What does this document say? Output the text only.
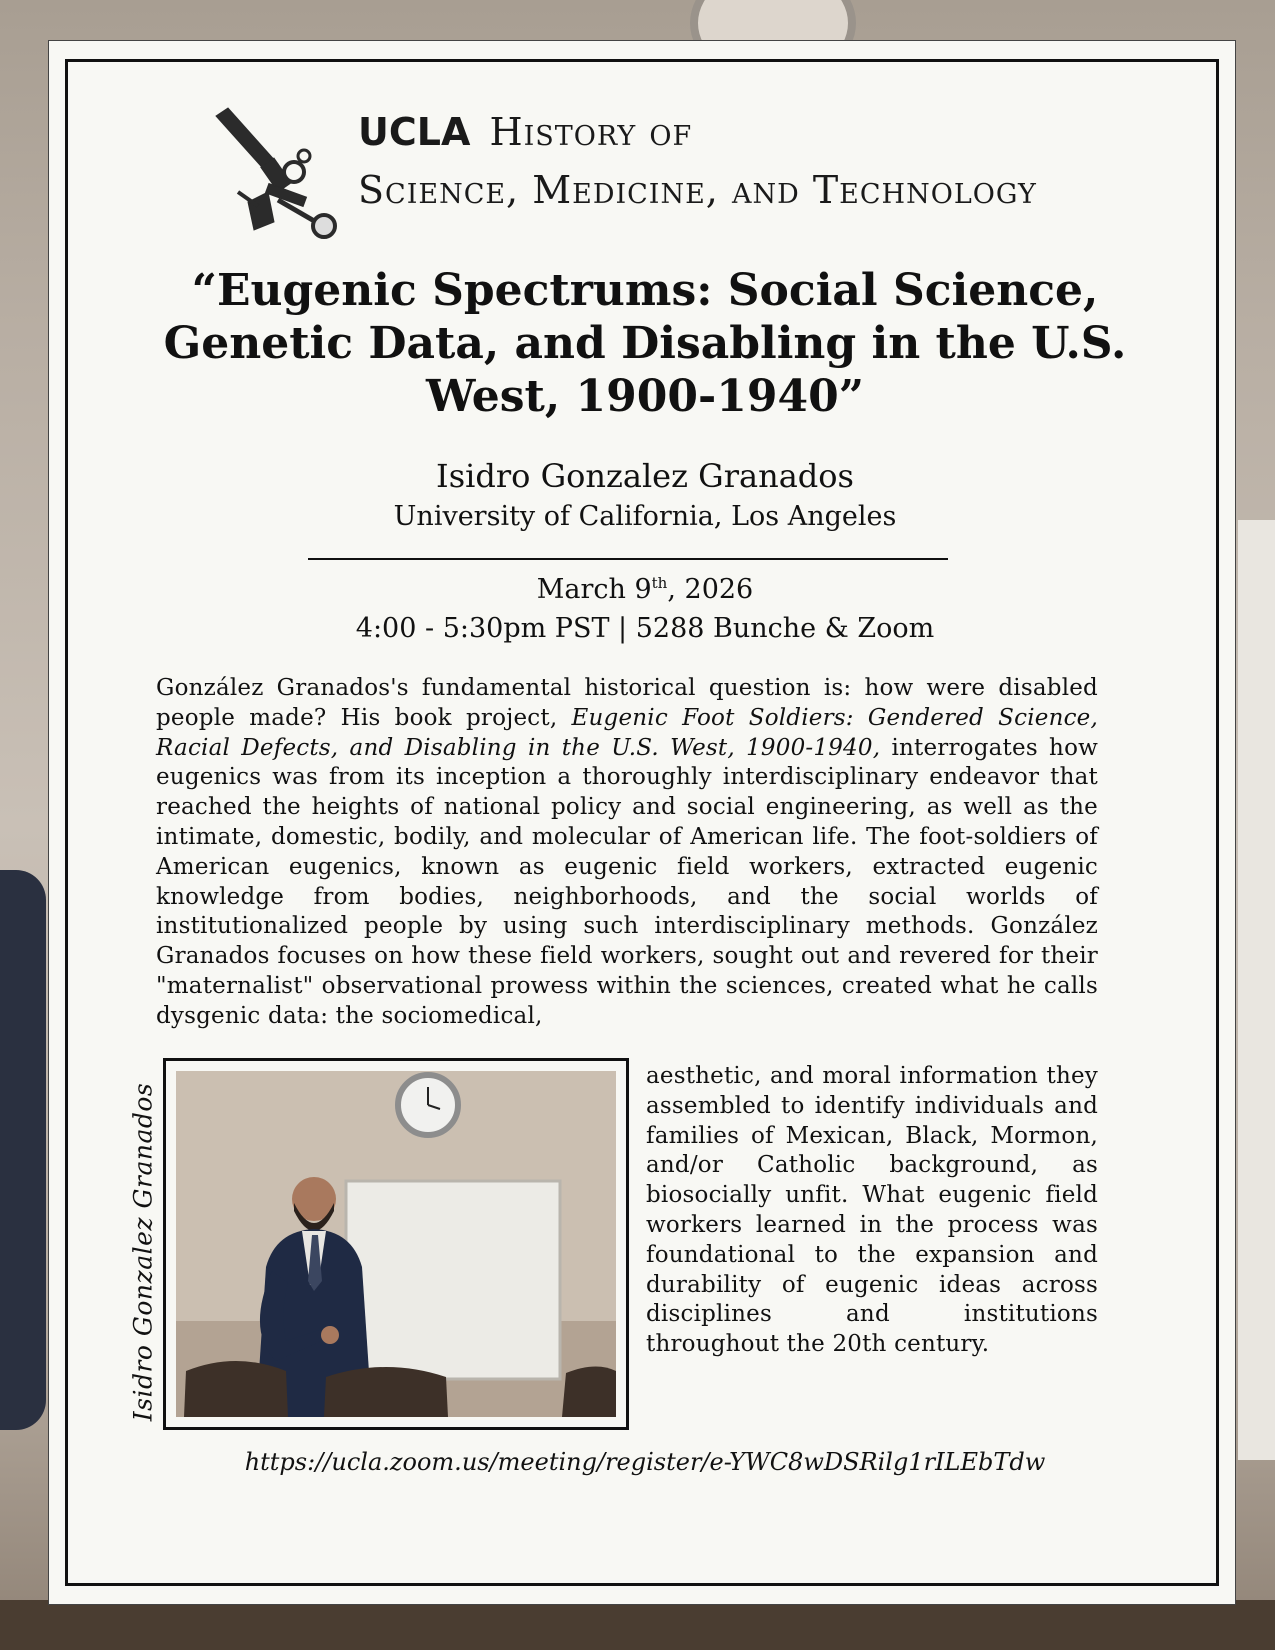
UCLA History of
Science, Medicine, and Technology
“Eugenic Spectrums: Social Science, Genetic Data, and Disabling in the U.S. West, 1900-1940”
Isidro Gonzalez Granados
University of California, Los Angeles
March 9th, 2026
4:00 - 5:30pm PST | 5288 Bunche & Zoom

González Granados's fundamental historical question is: how were disabled people made? His book project, Eugenic Foot Soldiers: Gendered Science, Racial Defects, and Disabling in the U.S. West, 1900-1940, interrogates how eugenics was from its inception a thoroughly interdisciplinary endeavor that reached the heights of national policy and social engineering, as well as the intimate, domestic, bodily, and molecular of American life. The foot-soldiers of American eugenics, known as eugenic field workers, extracted eugenic knowledge from bodies, neighborhoods, and the social worlds of institutionalized people by using such interdisciplinary methods. González Granados focuses on how these field workers, sought out and revered for their "maternalist" observational prowess within the sciences, created what he calls dysgenic data: the sociomedical,

aesthetic, and moral information they assembled to identify individuals and families of Mexican, Black, Mormon, and/or Catholic background, as biosocially unfit. What eugenic field workers learned in the process was foundational to the expansion and durability of eugenic ideas across disciplines and institutions throughout the 20th century.

Isidro Gonzalez Granados
https://ucla.zoom.us/meeting/register/e-YWC8wDSRilg1rILEbTdw
